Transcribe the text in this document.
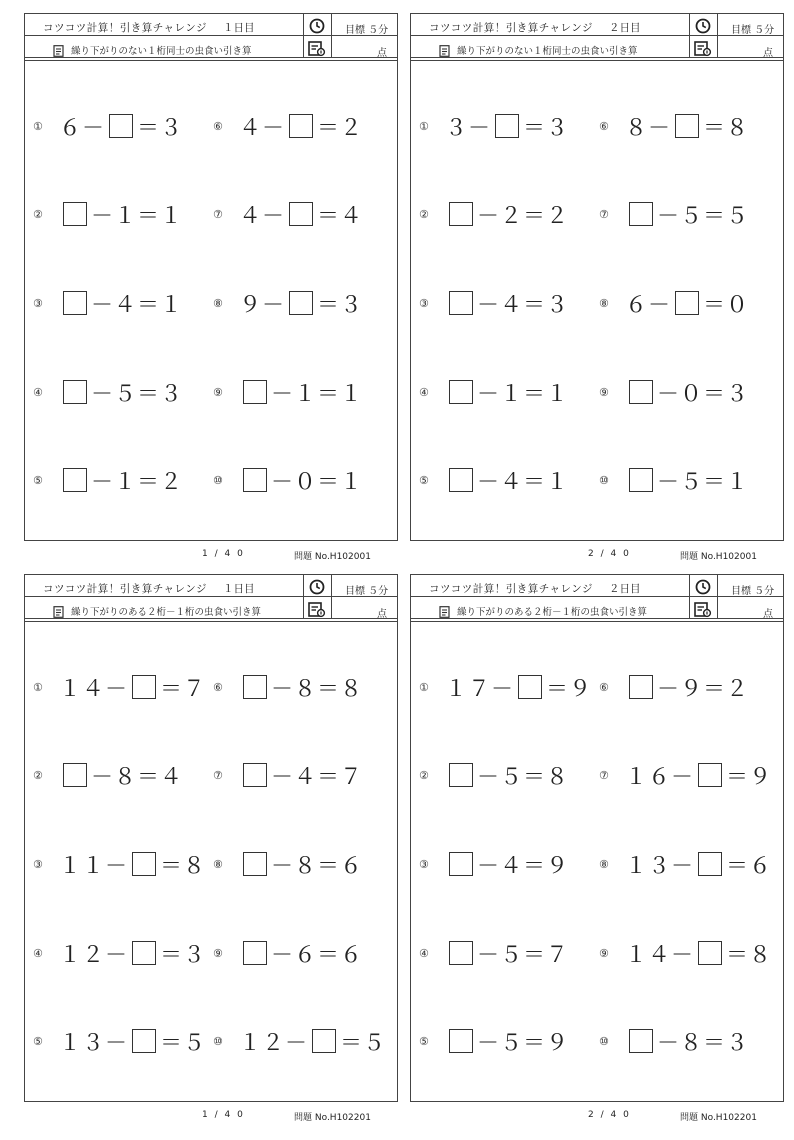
コツコツ計算！引き算チャレンジ １日目
繰り下がりのない１桁同士の虫食い引き算
目標 ５分
点
① ６－ ＝３
②	－１＝１
③	－４＝１
④	－５＝３
⑤	－１＝２
⑥ ４－ ＝２
⑦ ４－ ＝４
⑧ ９－ ＝３
⑨	－１＝１
⑩	－０＝１
1 / 4 0	問題 No.H102001
コツコツ計算！引き算チャレンジ ２日目
繰り下がりのない１桁同士の虫食い引き算
目標 ５分
点
① ３－ ＝３
②	－２＝２
③	－４＝３
④	－１＝１
⑤	－４＝１
⑥ ８－ ＝８
⑦	－５＝５
⑧ ６－ ＝０
⑨	－０＝３
⑩	－５＝１
2 / 4 0	問題 No.H102001
コツコツ計算！引き算チャレンジ １日目
繰り下がりのある２桁－１桁の虫食い引き算
目標 ５分
点
① １４－ ＝７
②	－８＝４
③ １１－ ＝８
④ １２－ ＝３
⑤ １３－ ＝５
⑥	－８＝８
⑦	－４＝７
⑧	－８＝６
⑨	－６＝６
⑩ １２－ ＝５
1 / 4 0	問題 No.H102201
コツコツ計算！引き算チャレンジ ２日目
繰り下がりのある２桁－１桁の虫食い引き算
目標 ５分
点
① １７－ ＝９
②	－５＝８
③	－４＝９
④	－５＝７
⑤	－５＝９
⑥	－９＝２
⑦ １６－ ＝９
⑧ １３－ ＝６
⑨ １４－ ＝８
⑩	－８＝３
2 / 4 0	問題 No.H102201
